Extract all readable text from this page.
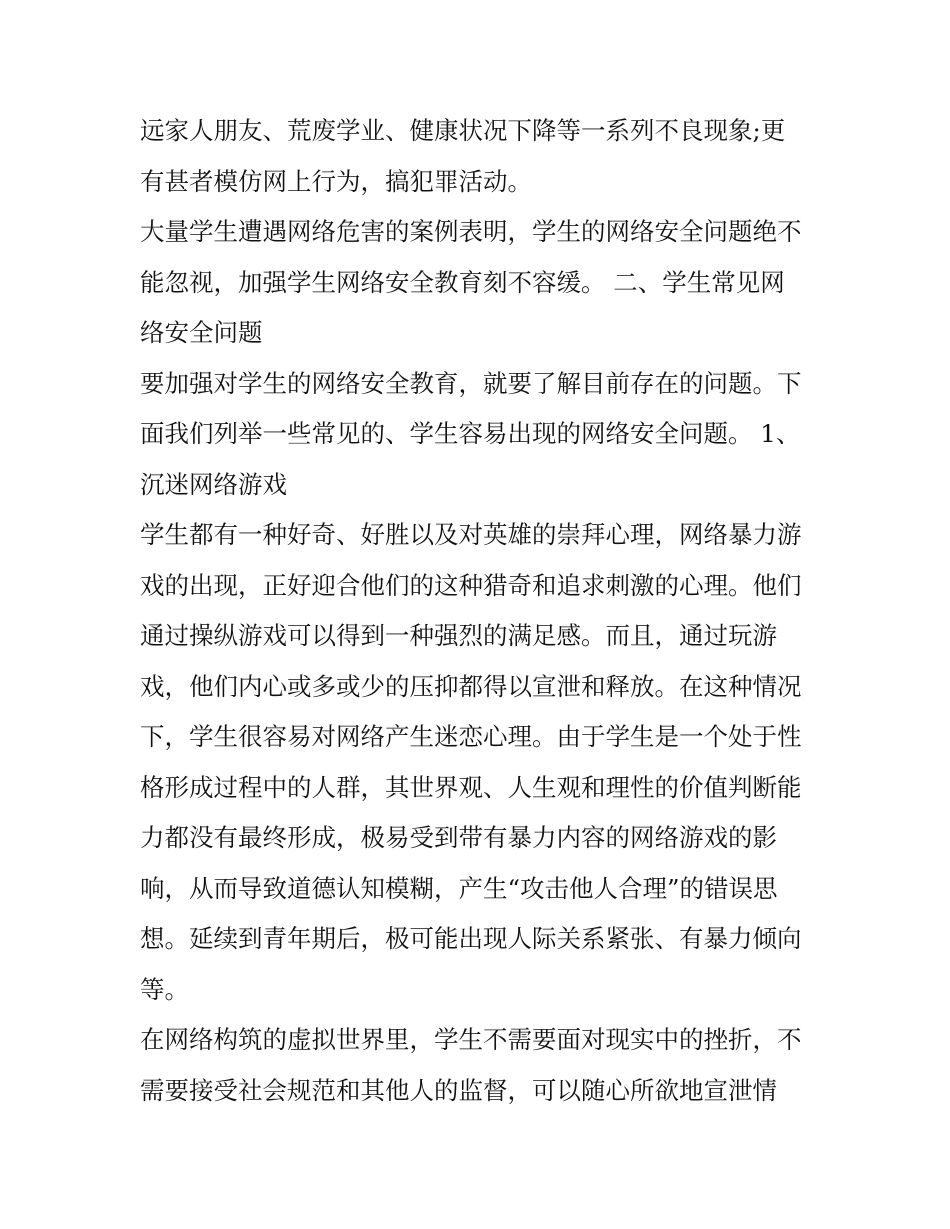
远家人朋友、荒废学业、健康状况下降等一系列不良现象;更
有甚者模仿网上行为，搞犯罪活动。
大量学生遭遇网络危害的案例表明，学生的网络安全问题绝不
能忽视，加强学生网络安全教育刻不容缓。 二、学生常见网
络安全问题
要加强对学生的网络安全教育，就要了解目前存在的问题。下
面我们列举一些常见的、学生容易出现的网络安全问题。 1、
沉迷网络游戏
学生都有一种好奇、好胜以及对英雄的崇拜心理，网络暴力游
戏的出现，正好迎合他们的这种猎奇和追求刺激的心理。他们
通过操纵游戏可以得到一种强烈的满足感。而且，通过玩游
戏，他们内心或多或少的压抑都得以宣泄和释放。在这种情况
下，学生很容易对网络产生迷恋心理。由于学生是一个处于性
格形成过程中的人群，其世界观、人生观和理性的价值判断能
力都没有最终形成，极易受到带有暴力内容的网络游戏的影
响，从而导致道德认知模糊，产生“攻击他人合理”的错误思
想。延续到青年期后，极可能出现人际关系紧张、有暴力倾向
等。
在网络构筑的虚拟世界里，学生不需要面对现实中的挫折，不
需要接受社会规范和其他人的监督，可以随心所欲地宣泄情
